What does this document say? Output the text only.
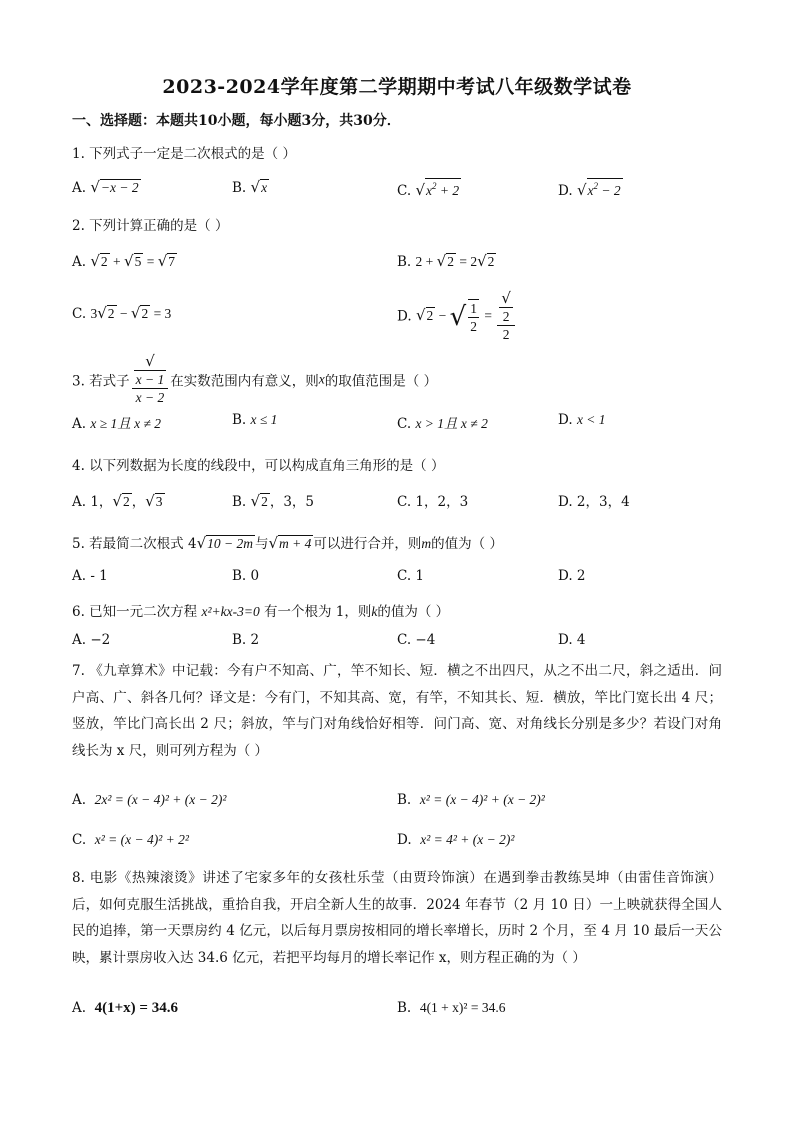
2023-2024学年度第二学期期中考试八年级数学试卷
一、选择题：本题共10小题，每小题3分，共30分．
1. 下列式子一定是二次根式的是（ ）
A. √−x − 2	B. √x	C. $√x^2 + 2$	D. $√x^2 - 2$
2. 下列计算正确的是（ ）
A. √2 + √5 = √7	B. 2 + √2 = 2√2
C. 3√2 − √2 = 3	D. √2 − √ $\frac{1}{2}$ = √
2
2
3. 若式子 √
x − 1
x − 2 在实数范围内有意义，则x的取值范围是（ ）
A. x ≥ 1且 x ≠ 2	B. x ≤ 1	C. x > 1且 x ≠ 2	D. x < 1
4. 以下列数据为长度的线段中，可以构成直角三角形的是（ ）
A. 1，√2 ，√3	B. √2 ，3，5	C. 1，2，3	D. 2，3，4
5. 若最简二次根式 4√10 − 2m 与√m + 4 可以进行合并，则m的值为（ ）
A. - 1	B. 0	C. 1	D. 2
6. 已知一元二次方程 x²+kx-3=0 有一个根为 1，则k的值为（ ）
A. −2	B. 2	C. −4	D. 4
7. 《九章算术》中记载：今有户不知高、广，竿不知长、短．横之不出四尺，从之不出二尺，斜之适出．问户高、广、斜各几何？译文是：今有门，不知其高、宽，有竿，不知其长、短．横放，竿比门宽长出 4 尺；竖放，竿比门高长出 2 尺；斜放，竿与门对角线恰好相等．问门高、宽、对角线长分别是多少？若设门对角线长为 x 尺，则可列方程为（ ）
A. 2x² = (x − 4)² + (x − 2)²	B. x² = (x − 4)² + (x − 2)²
C. x² = (x − 4)² + 2²	D. x² = 4² + (x − 2)²
8. 电影《热辣滚烫》讲述了宅家多年的女孩杜乐莹（由贾玲饰演）在遇到拳击教练昊坤（由雷佳音饰演）后，如何克服生活挑战，重拾自我，开启全新人生的故事．2024 年春节（2 月 10 日）一上映就获得全国人民的追捧，第一天票房约 4 亿元，以后每月票房按相同的增长率增长，历时 2 个月，至 4 月 10 最后一天公映，累计票房收入达 34.6 亿元，若把平均每月的增长率记作 x，则方程正确的为（ ）
A. 4(1+x) = 34.6	B. 4(1 + x)² = 34.6
